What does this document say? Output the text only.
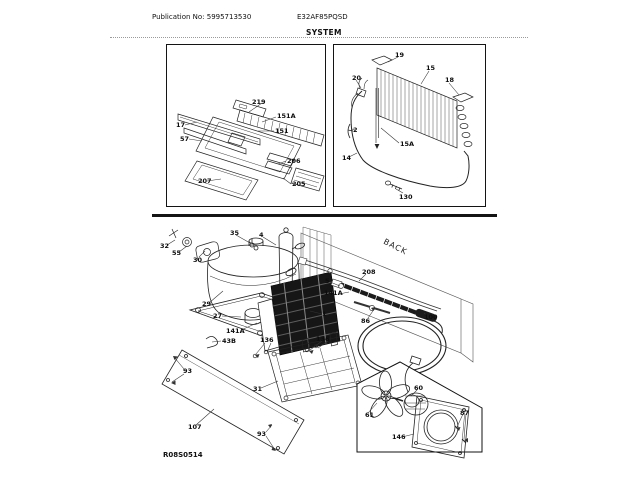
Publication No: 5995713530	E32AF85PQSD
SYSTEM
219
151A
151
17
57
206
207	205
19
15
18
20
2
15A
14
130
32
55
30
35	4
29
27
141A
43B	136
5
141A
1
86	100
208
136
93
31
107
93
60
61
146
87
BACK
R08S0514
